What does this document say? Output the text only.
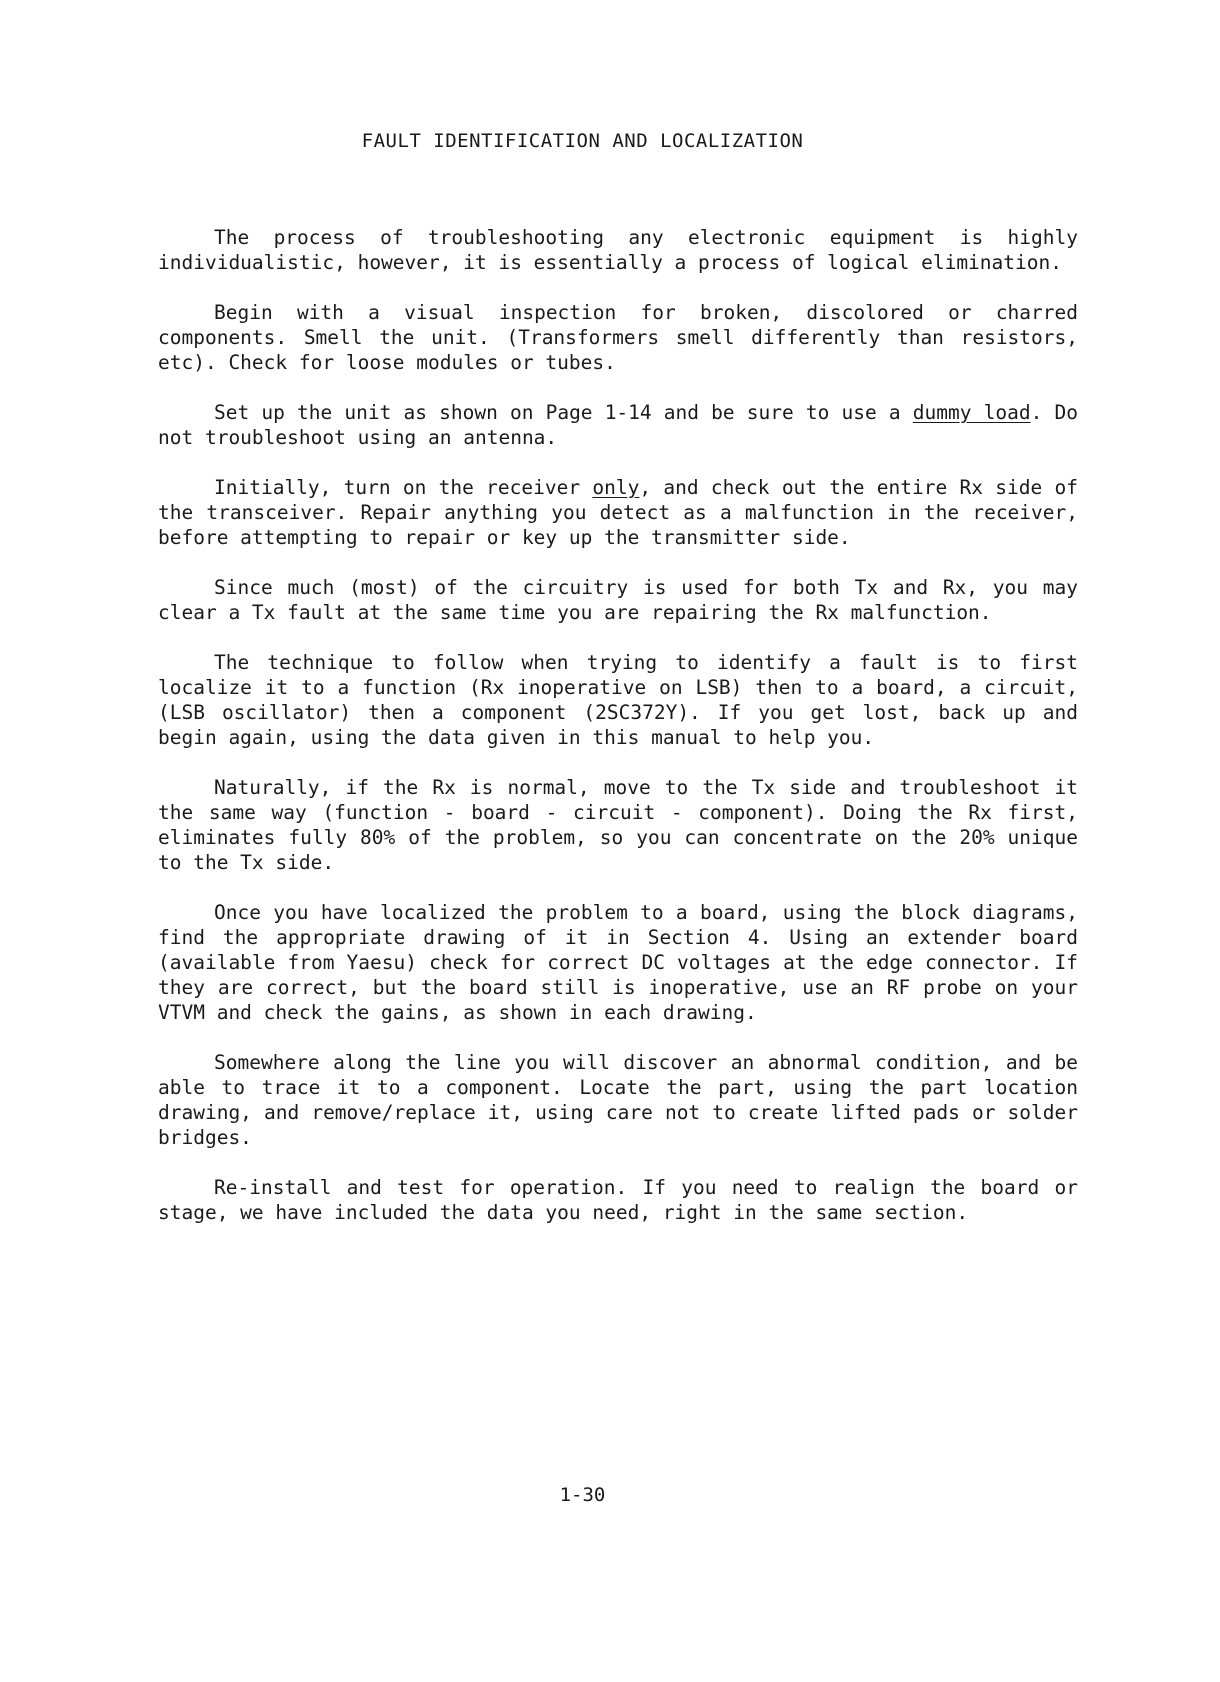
FAULT IDENTIFICATION AND LOCALIZATION

The process of troubleshooting any electronic equipment is highly individualistic, however, it is essentially a process of logical elimination.

Begin with a visual inspection for broken, discolored or charred components. Smell the unit. (Transformers smell differently than resistors, etc). Check for loose modules or tubes.

Set up the unit as shown on Page 1-14 and be sure to use a dummy load. Do not troubleshoot using an antenna.

Initially, turn on the receiver only, and check out the entire Rx side of the transceiver. Repair anything you detect as a malfunction in the receiver, before attempting to repair or key up the transmitter side.

Since much (most) of the circuitry is used for both Tx and Rx, you may clear a Tx fault at the same time you are repairing the Rx malfunction.

The technique to follow when trying to identify a fault is to first localize it to a function (Rx inoperative on LSB) then to a board, a circuit, (LSB oscillator) then a component (2SC372Y). If you get lost, back up and begin again, using the data given in this manual to help you.

Naturally, if the Rx is normal, move to the Tx side and troubleshoot it the same way (function - board - circuit - component). Doing the Rx first, eliminates fully 80% of the problem, so you can concentrate on the 20% unique to the Tx side.

Once you have localized the problem to a board, using the block diagrams, find the appropriate drawing of it in Section 4. Using an extender board (available from Yaesu) check for correct DC voltages at the edge connector. If they are correct, but the board still is inoperative, use an RF probe on your VTVM and check the gains, as shown in each drawing.

Somewhere along the line you will discover an abnormal condition, and be able to trace it to a component. Locate the part, using the part location drawing, and remove/replace it, using care not to create lifted pads or solder bridges.

Re-install and test for operation. If you need to realign the board or stage, we have included the data you need, right in the same section.

1-30
